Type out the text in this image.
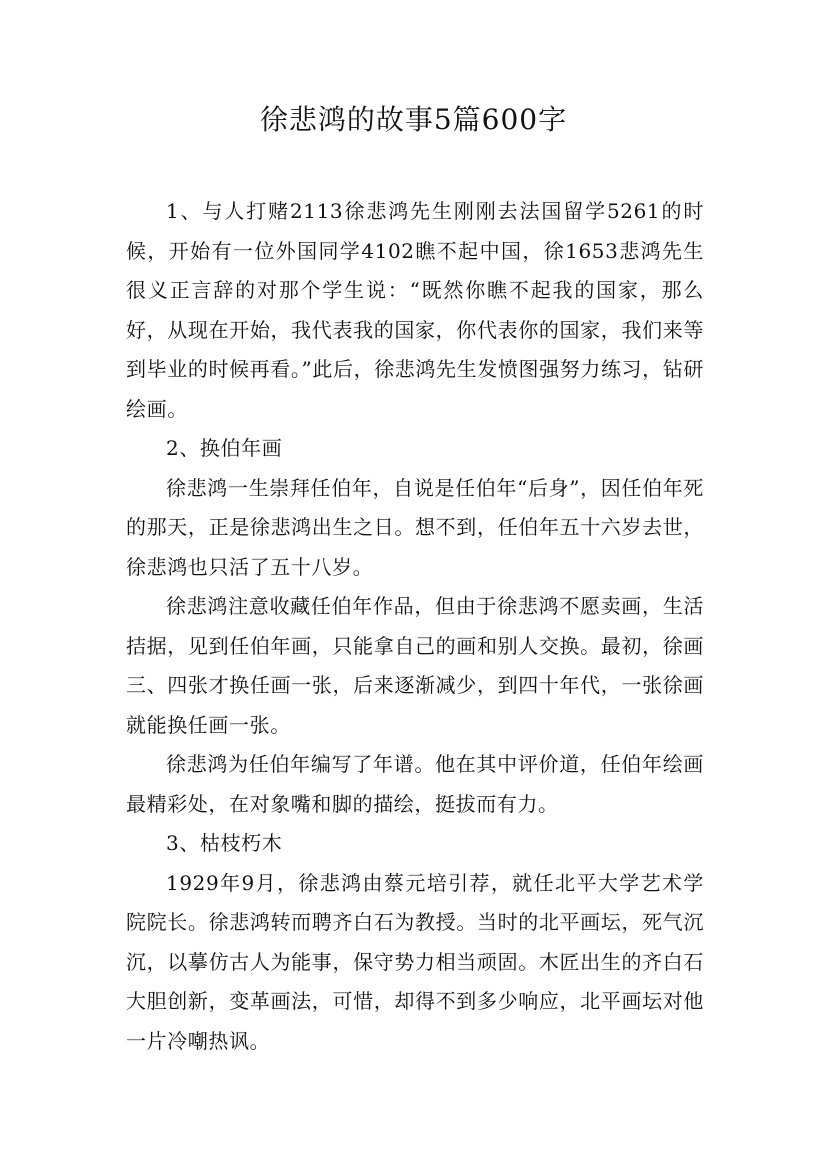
徐悲鸿的故事5篇600字

1、与人打赌2113徐悲鸿先生刚刚去法国留学5261的时候，开始有一位外国同学4102瞧不起中国，徐1653悲鸿先生很义正言辞的对那个学生说：“既然你瞧不起我的国家，那么好，从现在开始，我代表我的国家，你代表你的国家，我们来等到毕业的时候再看。”此后，徐悲鸿先生发愤图强努力练习，钻研绘画。

2、换伯年画

徐悲鸿一生崇拜任伯年，自说是任伯年“后身”，因任伯年死的那天，正是徐悲鸿出生之日。想不到，任伯年五十六岁去世，徐悲鸿也只活了五十八岁。

徐悲鸿注意收藏任伯年作品，但由于徐悲鸿不愿卖画，生活拮据，见到任伯年画，只能拿自己的画和别人交换。最初，徐画三、四张才换任画一张，后来逐渐减少，到四十年代，一张徐画就能换任画一张。

徐悲鸿为任伯年编写了年谱。他在其中评价道，任伯年绘画最精彩处，在对象嘴和脚的描绘，挺拔而有力。

3、枯枝朽木

1929年9月，徐悲鸿由蔡元培引荐，就任北平大学艺术学院院长。徐悲鸿转而聘齐白石为教授。当时的北平画坛，死气沉沉，以摹仿古人为能事，保守势力相当顽固。木匠出生的齐白石大胆创新，变革画法，可惜，却得不到多少响应，北平画坛对他一片冷嘲热讽。
